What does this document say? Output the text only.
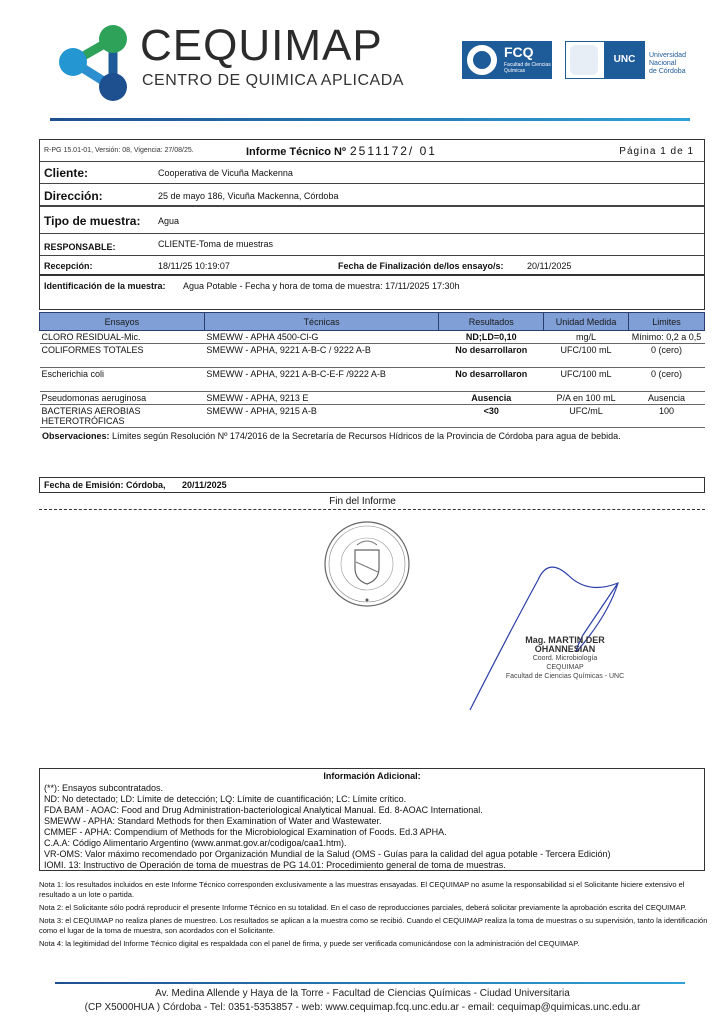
CEQUIMAP
CENTRO DE QUIMICA APLICADA
FCQ
Facultad de Ciencias Químicas
UNC	Universidad
Nacional
de Córdoba
R-PG 15.01-01, Versión: 08, Vigencia: 27/08/25.	Informe Técnico Nº 2511172/ 01	Página 1 de 1
Cliente:	Cooperativa de Vicuña Mackenna
Dirección:	25 de mayo 186, Vicuña Mackenna, Córdoba
Tipo de muestra: Agua
RESPONSABLE:	CLIENTE-Toma de muestras
Recepción:	18/11/25 10:19:07	Fecha de Finalización de/los ensayo/s:	20/11/2025
Identificación de la muestra: Agua Potable - Fecha y hora de toma de muestra: 17/11/2025 17:30h
Ensayos	Técnicas	Resultados	Unidad Medida	Limites
CLORO RESIDUAL-Mic.	SMEWW - APHA 4500-Cl-G	ND;LD=0,10	mg/L	Mínimo: 0,2 a 0,5
COLIFORMES TOTALES	SMEWW - APHA, 9221 A-B-C / 9222 A-B	No desarrollaron	UFC/100 mL	0 (cero)
Escherichia coli	SMEWW - APHA, 9221 A-B-C-E-F /9222 A-B	No desarrollaron	UFC/100 mL	0 (cero)
Pseudomonas aeruginosa	SMEWW - APHA, 9213 E	Ausencia	P/A en 100 mL	Ausencia
BACTERIAS AEROBIAS HETEROTRÓFICAS	SMEWW - APHA, 9215 A-B	<30	UFC/mL	100
Observaciones: Límites según Resolución Nº 174/2016 de la Secretaría de Recursos Hídricos de la Provincia de Córdoba para agua de bebida.
Fecha de Emisión: Córdoba, 20/11/2025
Fin del Informe
Mag. MARTIN DER OHANNESIAN
Coord. Microbiología
CEQUIMAP
Facultad de Ciencias Químicas - UNC
Información Adicional:
(**): Ensayos subcontratados.
ND: No detectado; LD: Límite de detección; LQ: Límite de cuantificación; LC: Límite crítico.
FDA BAM - AOAC: Food and Drug Administration-bacteriological Analytical Manual. Ed. 8-AOAC International.
SMEWW - APHA: Standard Methods for then Examination of Water and Wastewater.
CMMEF - APHA: Compendium of Methods for the Microbiological Examination of Foods. Ed.3 APHA.
C.A.A: Código Alimentario Argentino (www.anmat.gov.ar/codigoa/caa1.htm).
VR-OMS: Valor máximo recomendado por Organización Mundial de la Salud (OMS - Guías para la calidad del agua potable - Tercera Edición)
IOMI. 13: Instructivo de Operación de toma de muestras de PG 14.01: Procedimiento general de toma de muestras.

Nota 1: los resultados incluidos en este Informe Técnico corresponden exclusivamente a las muestras ensayadas. El CEQUIMAP no asume la responsabilidad si el Solicitante hiciere extensivo el resultado a un lote o partida.

Nota 2: el Solicitante sólo podrá reproducir el presente Informe Técnico en su totalidad. En el caso de reproducciones parciales, deberá solicitar previamente la aprobación escrita del CEQUIMAP.

Nota 3: el CEQUIMAP no realiza planes de muestreo. Los resultados se aplican a la muestra como se recibió. Cuando el CEQUIMAP realiza la toma de muestras o su supervisión, tanto la identificación como el lugar de la toma de muestra, son acordados con el Solicitante.

Nota 4: la legitimidad del Informe Técnico digital es respaldada con el panel de firma, y puede ser verificada comunicándose con la administración del CEQUIMAP.

Av. Medina Allende y Haya de la Torre - Facultad de Ciencias Químicas - Ciudad Universitaria
(CP X5000HUA ) Córdoba - Tel: 0351-5353857 - web: www.cequimap.fcq.unc.edu.ar - email: cequimap@quimicas.unc.edu.ar
